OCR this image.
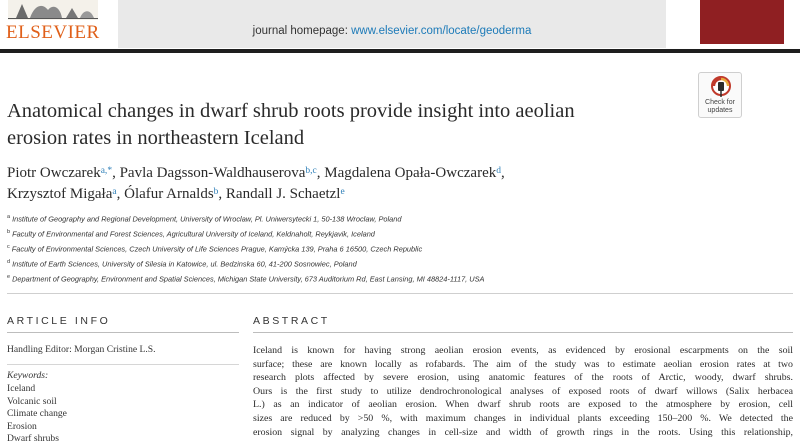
ELSEVIER	journal homepage: www.elsevier.com/locate/geoderma
Check for
updates
Anatomical changes in dwarf shrub roots provide insight into aeolian
erosion rates in northeastern Iceland
Piotr Owczarek$^{a,*}$, Pavla Dagsson-Waldhauserova$^{b,c}$, Magdalena Opała-Owczarek$^d$,
Krzysztof Migała$^a$, Ólafur Arnalds$^b$, Randall J. Schaetzl$^e$
$^a$ Institute of Geography and Regional Development, University of Wroclaw, Pl. Uniwersytecki 1, 50-138 Wroclaw, Poland
$^b$ Faculty of Environmental and Forest Sciences, Agricultural University of Iceland, Keldnaholt, Reykjavik, Iceland
$^c$ Faculty of Environmental Sciences, Czech University of Life Sciences Prague, Kamýcka 139, Praha 6 16500, Czech Republic
$^d$ Institute of Earth Sciences, University of Silesia in Katowice, ul. Bedzinska 60, 41-200 Sosnowiec, Poland
$^e$ Department of Geography, Environment and Spatial Sciences, Michigan State University, 673 Auditorium Rd, East Lansing, MI 48824-1117, USA
ARTICLE INFO
Handling Editor: Morgan Cristine L.S.
Keywords:
Iceland
Volcanic soil
Climate change
Erosion
Dwarf shrubs
ABSTRACT
Iceland is known for having strong aeolian erosion events, as evidenced by erosional escarpments on the soil
surface; these are known locally as rofabards. The aim of the study was to estimate aeolian erosion rates at two
research plots affected by severe erosion, using anatomic features of the roots of Arctic, woody, dwarf shrubs.
Ours is the first study to utilize dendrochronological analyses of exposed roots of dwarf willows (Salix herbacea
L.) as an indicator of aeolian erosion. When dwarf shrub roots are exposed to the atmosphere by erosion, cell
sizes are reduced by >50 %, with maximum changes in individual plants exceeding 150–200 %. We detected the
erosion signal by analyzing changes in cell-size and width of growth rings in the roots. Using this relationship,
